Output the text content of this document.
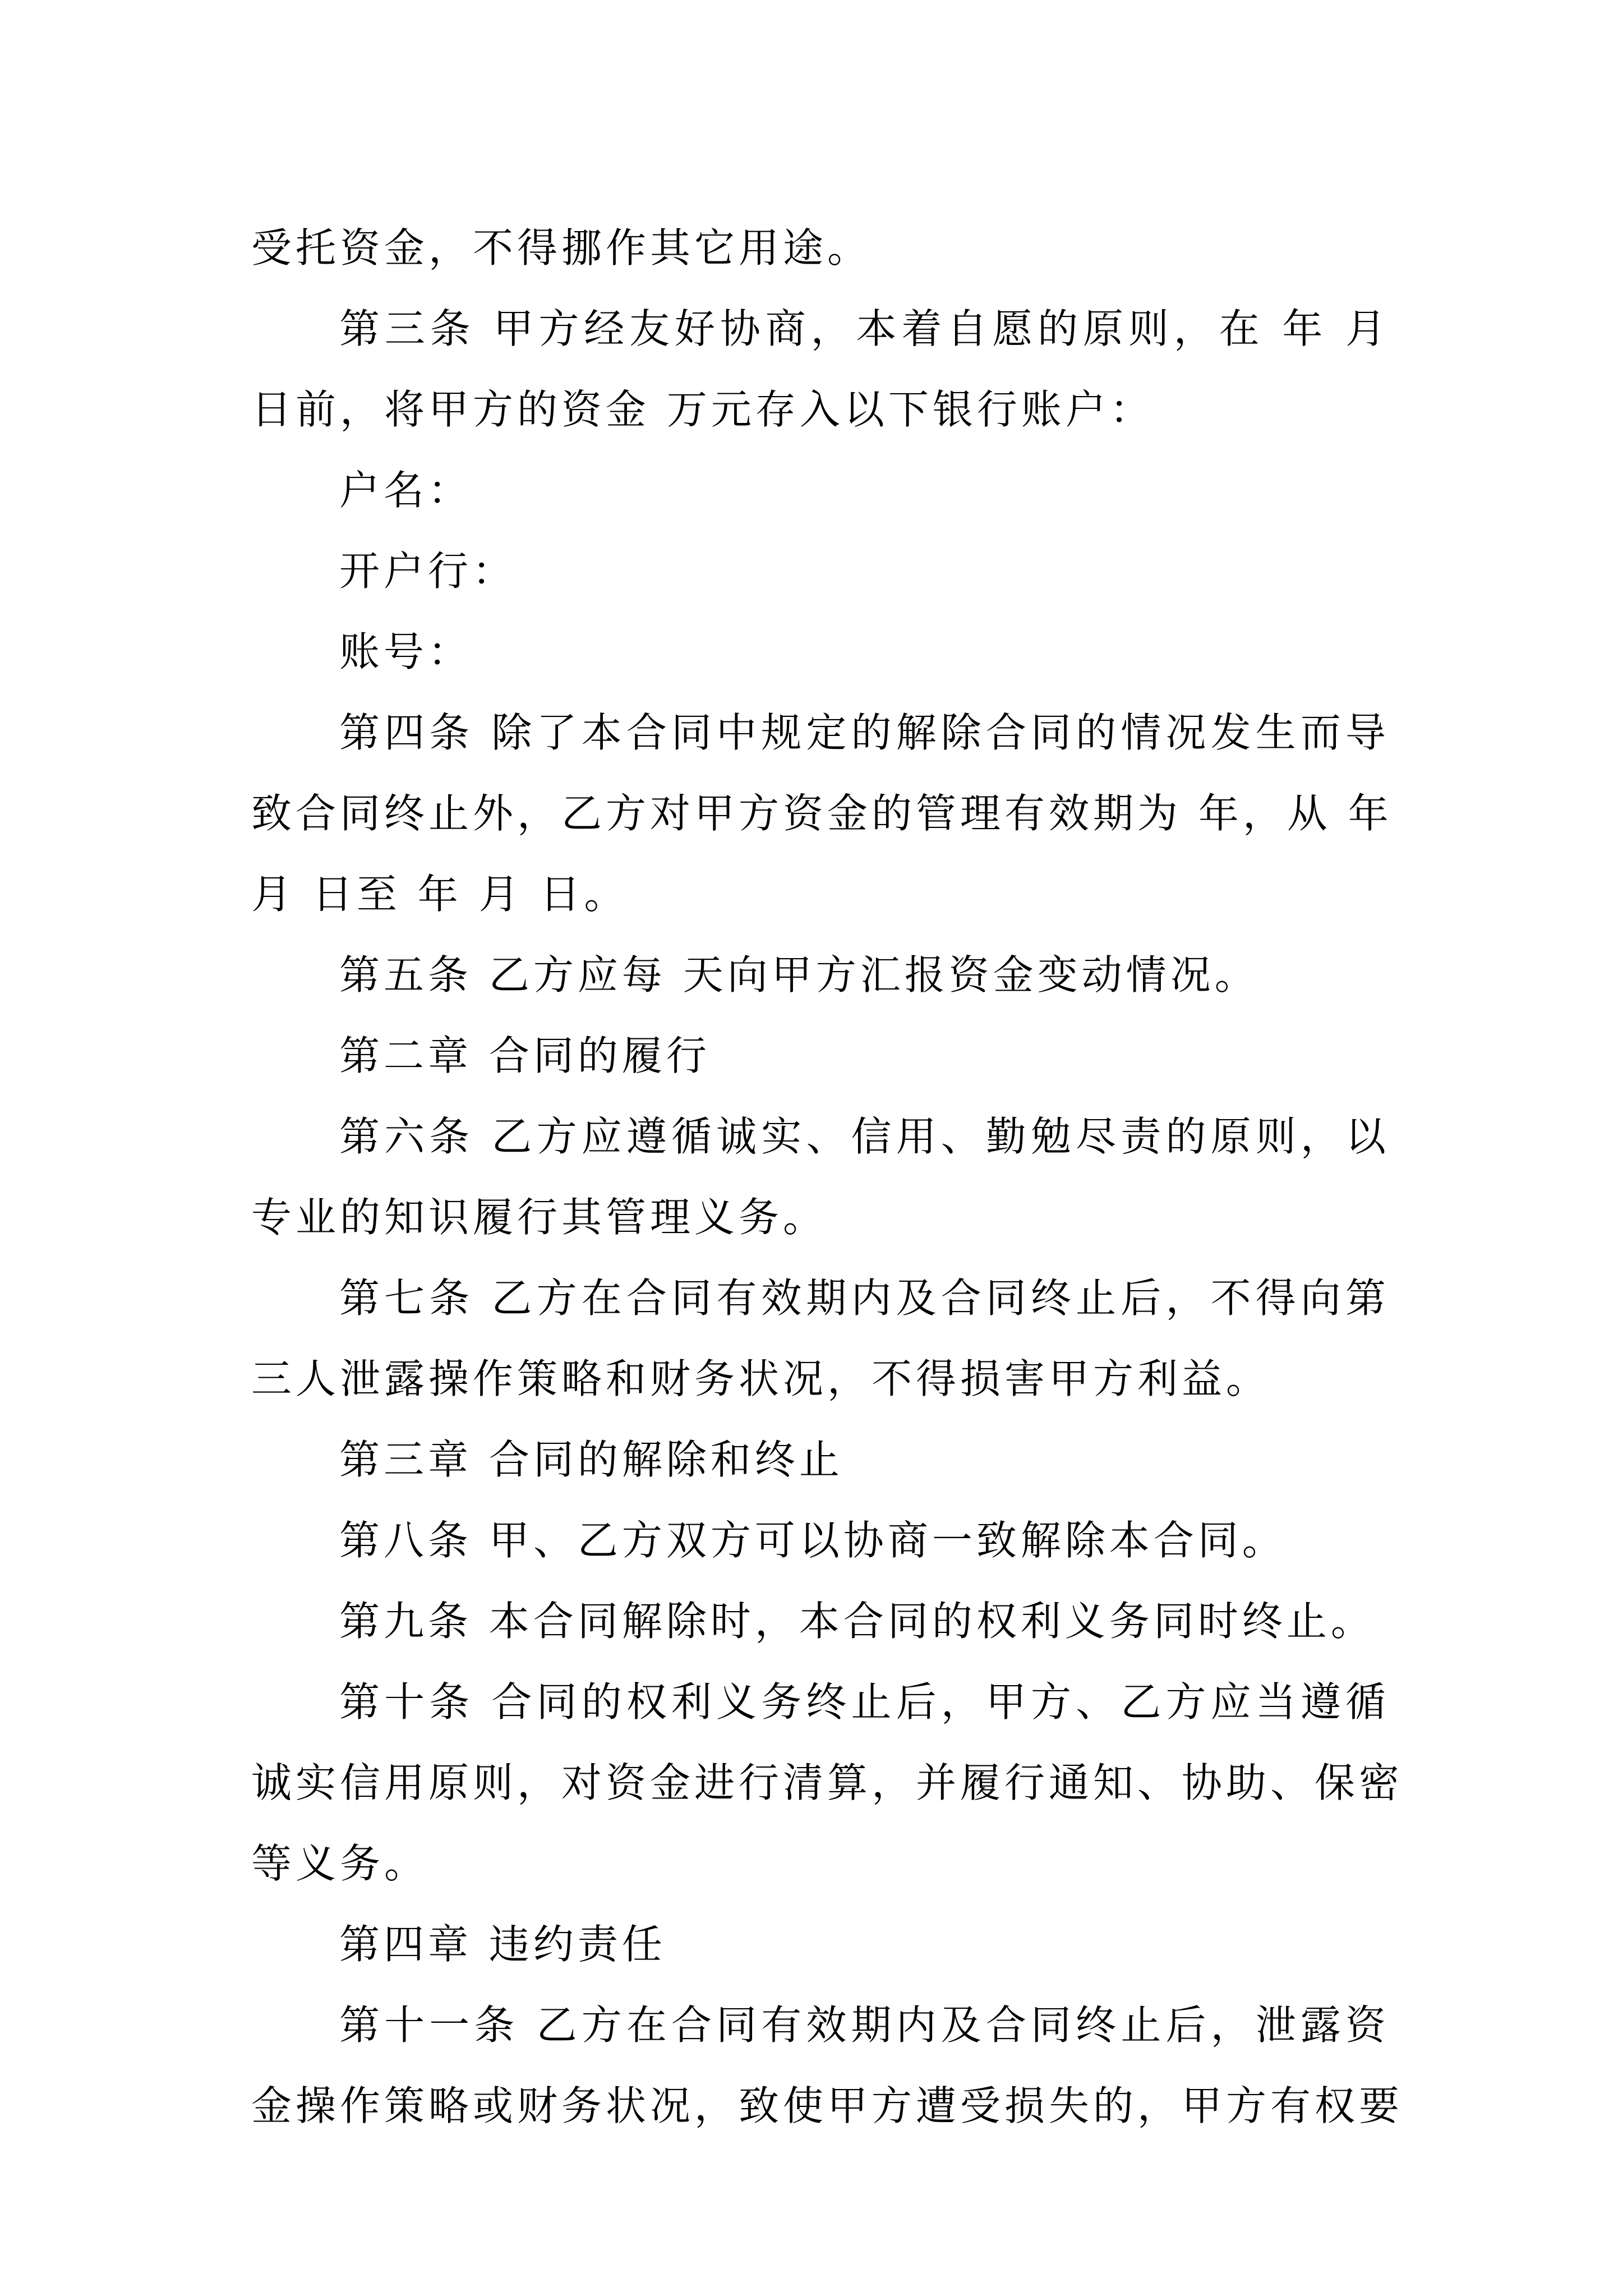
受托资金，不得挪作其它用途。
第三条 甲方经友好协商，本着自愿的原则，在 年 月
日前，将甲方的资金 万元存入以下银行账户：
户名：
开户行：
账号：
第四条 除了本合同中规定的解除合同的情况发生而导
致合同终止外，乙方对甲方资金的管理有效期为 年，从 年
月 日至 年 月 日。
第五条 乙方应每 天向甲方汇报资金变动情况。
第二章 合同的履行
第六条 乙方应遵循诚实、信用、勤勉尽责的原则，以
专业的知识履行其管理义务。
第七条 乙方在合同有效期内及合同终止后，不得向第
三人泄露操作策略和财务状况，不得损害甲方利益。
第三章 合同的解除和终止
第八条 甲、乙方双方可以协商一致解除本合同。
第九条 本合同解除时，本合同的权利义务同时终止。
第十条 合同的权利义务终止后，甲方、乙方应当遵循
诚实信用原则，对资金进行清算，并履行通知、协助、保密
等义务。
第四章 违约责任
第十一条 乙方在合同有效期内及合同终止后，泄露资
金操作策略或财务状况，致使甲方遭受损失的，甲方有权要
